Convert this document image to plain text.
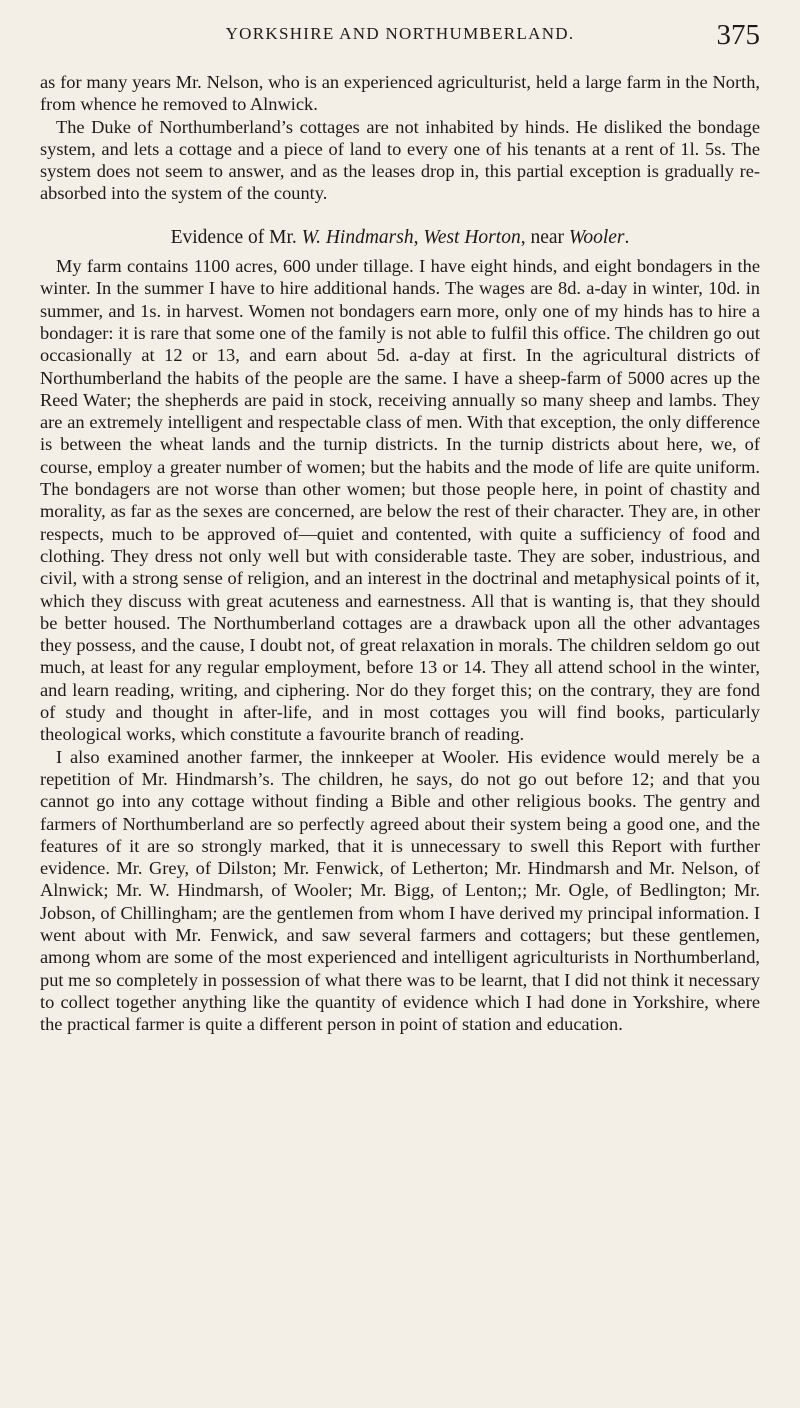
YORKSHIRE AND NORTHUMBERLAND.	375

as for many years Mr. Nelson, who is an experienced agriculturist, held a large farm in the North, from whence he removed to Alnwick.

The Duke of Northumberland’s cottages are not inhabited by hinds. He disliked the bondage system, and lets a cottage and a piece of land to every one of his tenants at a rent of 1l. 5s. The system does not seem to answer, and as the leases drop in, this partial exception is gradually re-absorbed into the system of the county.

Evidence of Mr. W. Hindmarsh, West Horton, near Wooler.

My farm contains 1100 acres, 600 under tillage. I have eight hinds, and eight bondagers in the winter. In the summer I have to hire additional hands. The wages are 8d. a-day in winter, 10d. in summer, and 1s. in harvest. Women not bondagers earn more, only one of my hinds has to hire a bondager: it is rare that some one of the family is not able to fulfil this office. The children go out occasionally at 12 or 13, and earn about 5d. a-day at first. In the agricultural districts of Northumberland the habits of the people are the same. I have a sheep-farm of 5000 acres up the Reed Water; the shepherds are paid in stock, receiving annually so many sheep and lambs. They are an extremely intelligent and respectable class of men. With that exception, the only difference is between the wheat lands and the turnip districts. In the turnip districts about here, we, of course, employ a greater number of women; but the habits and the mode of life are quite uniform. The bondagers are not worse than other women; but those people here, in point of chastity and morality, as far as the sexes are concerned, are below the rest of their character. They are, in other respects, much to be approved of—quiet and contented, with quite a sufficiency of food and clothing. They dress not only well but with considerable taste. They are sober, industrious, and civil, with a strong sense of religion, and an interest in the doctrinal and metaphysical points of it, which they discuss with great acuteness and earnestness. All that is wanting is, that they should be better housed. The Northumberland cottages are a drawback upon all the other advantages they possess, and the cause, I doubt not, of great relaxation in morals. The children seldom go out much, at least for any regular employment, before 13 or 14. They all attend school in the winter, and learn reading, writing, and ciphering. Nor do they forget this; on the contrary, they are fond of study and thought in after-life, and in most cottages you will find books, particularly theological works, which constitute a favourite branch of reading.

I also examined another farmer, the innkeeper at Wooler. His evidence would merely be a repetition of Mr. Hindmarsh’s. The children, he says, do not go out before 12; and that you cannot go into any cottage without finding a Bible and other religious books. The gentry and farmers of Northumberland are so perfectly agreed about their system being a good one, and the features of it are so strongly marked, that it is unnecessary to swell this Report with further evidence. Mr. Grey, of Dilston; Mr. Fenwick, of Letherton; Mr. Hindmarsh and Mr. Nelson, of Alnwick; Mr. W. Hindmarsh, of Wooler; Mr. Bigg, of Lenton;; Mr. Ogle, of Bedlington; Mr. Jobson, of Chillingham; are the gentlemen from whom I have derived my principal information. I went about with Mr. Fenwick, and saw several farmers and cottagers; but these gentlemen, among whom are some of the most experienced and intelligent agriculturists in Northumberland, put me so completely in possession of what there was to be learnt, that I did not think it necessary to collect together anything like the quantity of evidence which I had done in Yorkshire, where the practical farmer is quite a different person in point of station and education.
